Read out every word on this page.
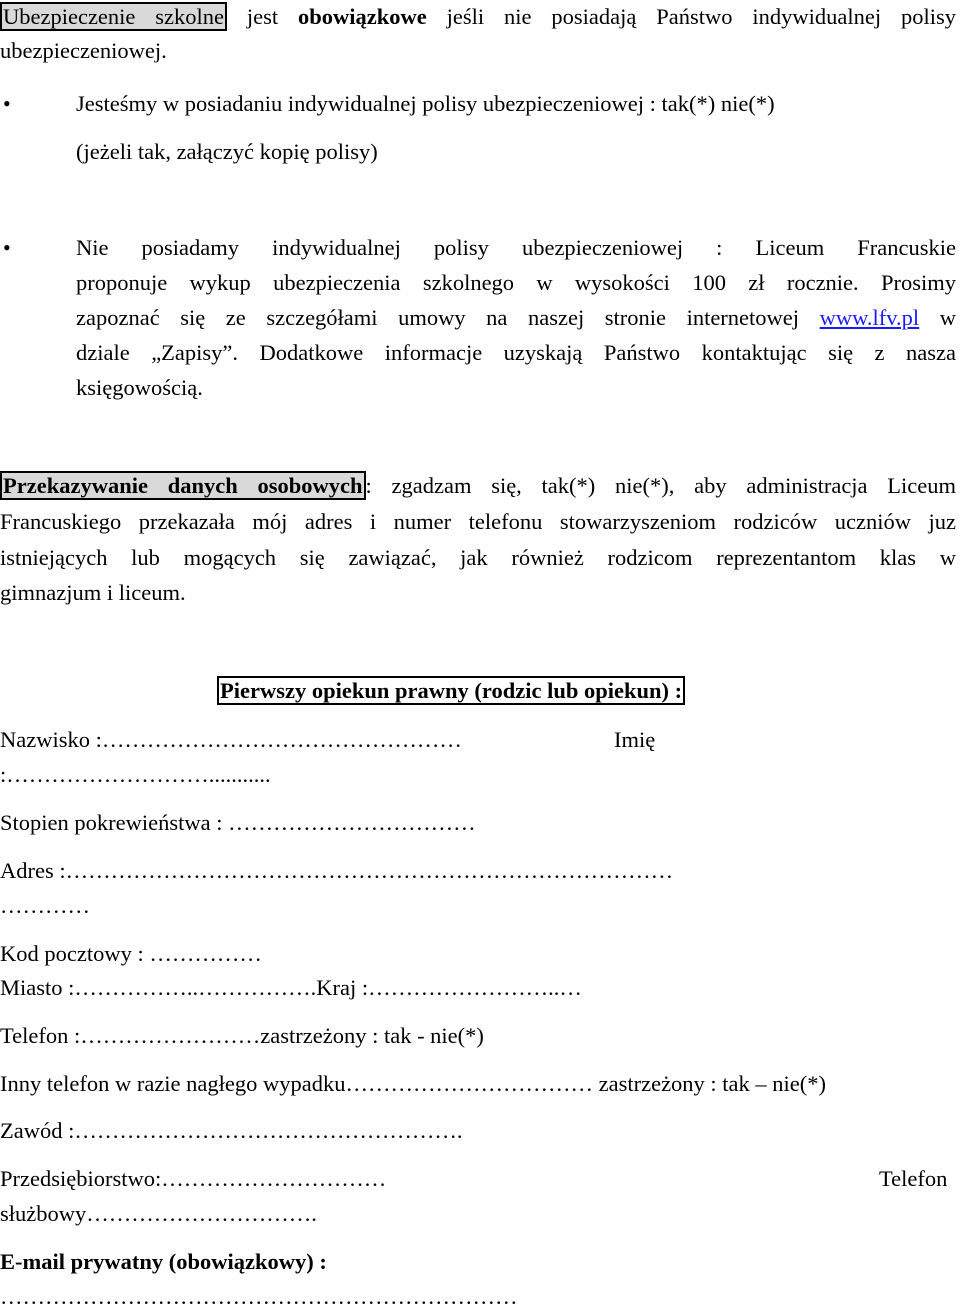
Ubezpieczenie szkolne jest obowiązkowe jeśli nie posiadają Państwo indywidualnej polisy
ubezpieczeniowej.
•	Jesteśmy w posiadaniu indywidualnej polisy ubezpieczeniowej : tak(*) nie(*)
(jeżeli tak, załączyć kopię polisy)
•	Nie posiadamy indywidualnej polisy ubezpieczeniowej : Liceum Francuskie
proponuje wykup ubezpieczenia szkolnego w wysokości 100 zł rocznie. Prosimy
zapoznać się ze szczegółami umowy na naszej stronie internetowej www.lfv.pl w
dziale „Zapisy”. Dodatkowe informacje uzyskają Państwo kontaktując się z nasza
księgowością.
Przekazywanie danych osobowych : zgadzam się, tak(*) nie(*), aby administracja Liceum
Francuskiego przekazała mój adres i numer telefonu stowarzyszeniom rodziców uczniów juz
istniejących lub mogących się zawiązać, jak również rodzicom reprezentantom klas w
gimnazjum i liceum.
Pierwszy opiekun prawny (rodzic lub opiekun) :
Nazwisko :…………………………………………	Imię
:………………………...........
Stopien pokrewieństwa : ……………………………
Adres :………………………………………………………………………
…………
Kod pocztowy : ……………
Miasto :……………..…………….Kraj :……………………..…
Telefon :……………………zastrzeżony : tak - nie(*)
Inny telefon w razie nagłego wypadku…………………………… zastrzeżony : tak – nie(*)
Zawód :…………………………………………….
Przedsiębiorstwo:…………………………	Telefon
służbowy………………………….
E-mail prywatny (obowiązkowy) :
……………………………………………………………
